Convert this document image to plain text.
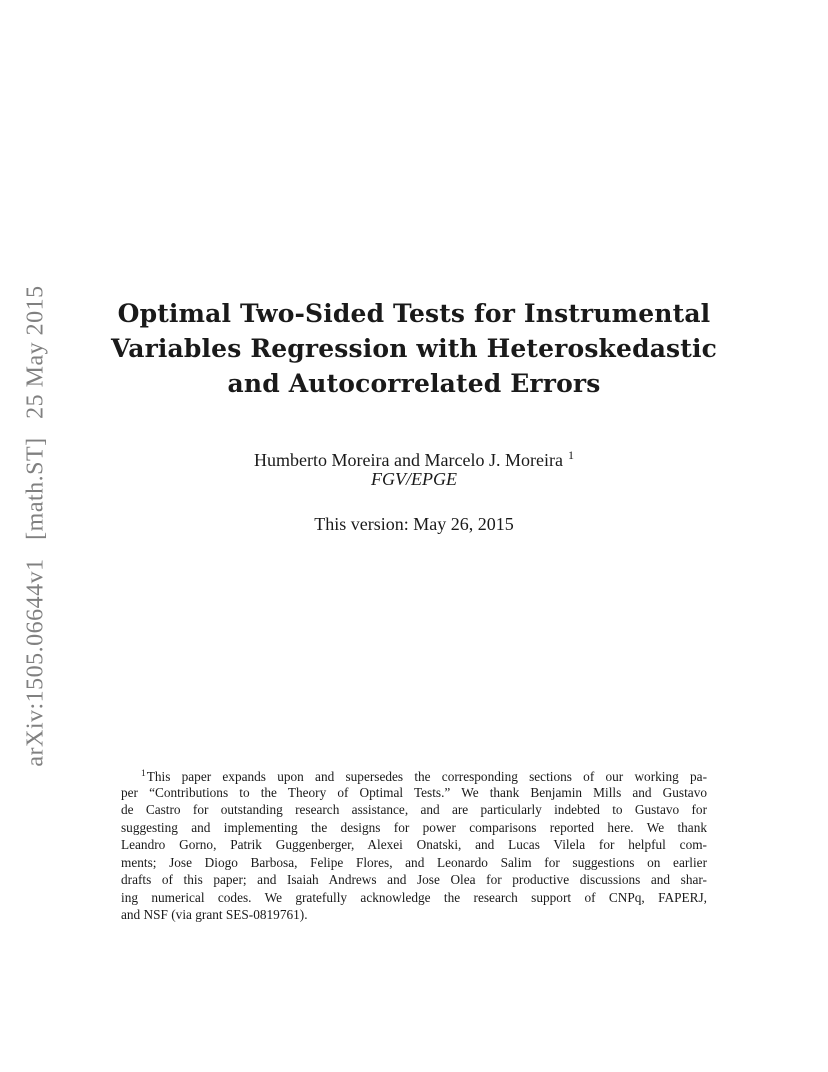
arXiv:1505.06644v1 [math.ST] 25 May 2015	Optimal Two-Sided Tests for Instrumental
Variables Regression with Heteroskedastic
and Autocorrelated Errors
Humberto Moreira and Marcelo J. Moreira $^1$
FGV/EPGE
This version: May 26, 2015
$^1$This paper expands upon and supersedes the corresponding sections of our working pa-
per “Contributions to the Theory of Optimal Tests.” We thank Benjamin Mills and Gustavo
de Castro for outstanding research assistance, and are particularly indebted to Gustavo for
suggesting and implementing the designs for power comparisons reported here. We thank
Leandro Gorno, Patrik Guggenberger, Alexei Onatski, and Lucas Vilela for helpful com-
ments; Jose Diogo Barbosa, Felipe Flores, and Leonardo Salim for suggestions on earlier
drafts of this paper; and Isaiah Andrews and Jose Olea for productive discussions and shar-
ing numerical codes. We gratefully acknowledge the research support of CNPq, FAPERJ,
and NSF (via grant SES-0819761).
